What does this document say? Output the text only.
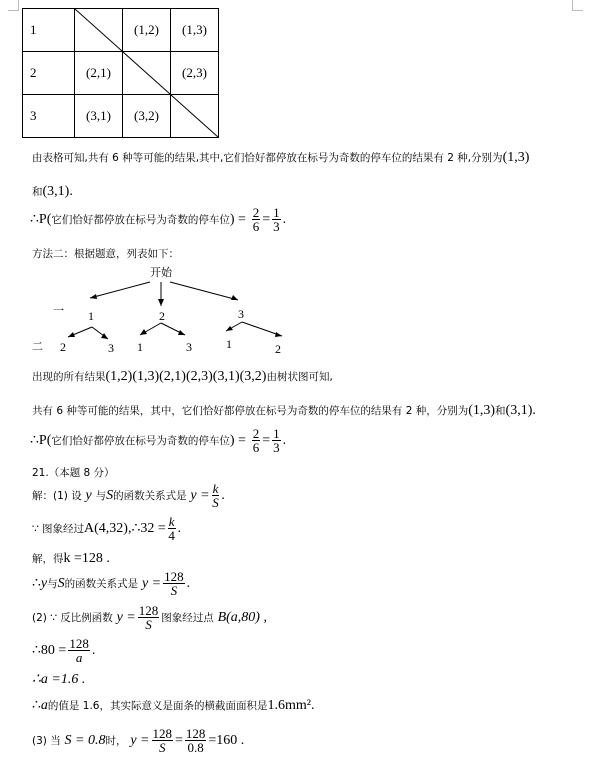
1		(1,2)	(1,3)
2	(2,1)		(2,3)
3	(3,1)	(3,2)	
由表格可知,共有 6 种等可能的结果,其中,它们恰好都停放在标号为奇数的停车位的结果有 2 种,分别为(1,3)
和(3,1).
∴P(它们恰好都停放在标号为奇数的停车位) = $\frac{2}{6} = \frac{1}{3}$ .
方法二：根据题意，列表如下：
开始
一
二
1	2	3
2	3 1	3	1	2
出现的所有结果(1,2)(1,3)(2,1)(2,3)(3,1)(3,2)由树状图可知,
共有 6 种等可能的结果，其中，它们恰好都停放在标号为奇数的停车位的结果有 2 种，分别为(1,3)和(3,1).
∴P(它们恰好都停放在标号为奇数的停车位) = $\frac{2}{6} = \frac{1}{3}$ .
21.（本题 8 分）
解：(1) 设 y 与S的函数关系式是 $y = \frac{k}{S}$ .
∵ 图象经过A(4,32),∴32 = $\frac{k}{4}$ .
解，得k =128 .
∴y与S的函数关系式是 $y = \frac{128}{S}$ .
(2) ∵ 反比例函数 $y = \frac{128}{S}$ 图象经过点 B(a,80) ,
∴80 = $\frac{128}{a}$ .
∴a =1.6 .
∴a的值是 1.6，其实际意义是面条的横截面面积是1.6mm².
(3) 当 S = 0.8时， $y = \frac{128}{S} = \frac{128}{0.8} =160$ .
